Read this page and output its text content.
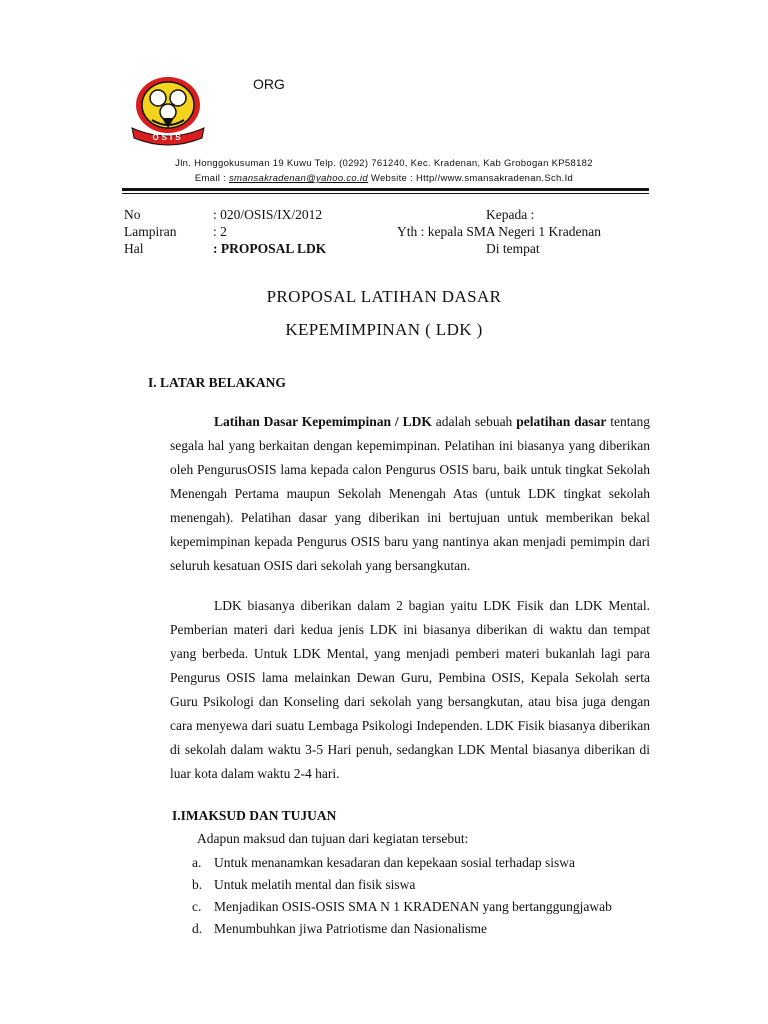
OSIS
ORG
Jln. Honggokusuman 19 Kuwu Telp. (0292) 761240, Kec. Kradenan, Kab Grobogan KP58182
Email : smansakradenan@yahoo.co.id Website : Http//www.smansakradenan.Sch.Id
No	: 020/OSIS/IX/2012	Kepada :
Lampiran	: 2	Yth : kepala SMA Negeri 1 Kradenan
Hal	: PROPOSAL LDK	Di tempat
PROPOSAL LATIHAN DASAR
KEPEMIMPINAN ( LDK )
I. LATAR BELAKANG
Latihan Dasar Kepemimpinan / LDK adalah sebuah pelatihan dasar tentang segala hal yang berkaitan dengan kepemimpinan. Pelatihan ini biasanya yang diberikan oleh PengurusOSIS lama kepada calon Pengurus OSIS baru, baik untuk tingkat Sekolah Menengah Pertama maupun Sekolah Menengah Atas (untuk LDK tingkat sekolah menengah). Pelatihan dasar yang diberikan ini bertujuan untuk memberikan bekal kepemimpinan kepada Pengurus OSIS baru yang nantinya akan menjadi pemimpin dari seluruh kesatuan OSIS dari sekolah yang bersangkutan.
LDK biasanya diberikan dalam 2 bagian yaitu LDK Fisik dan LDK Mental. Pemberian materi dari kedua jenis LDK ini biasanya diberikan di waktu dan tempat yang berbeda. Untuk LDK Mental, yang menjadi pemberi materi bukanlah lagi para Pengurus OSIS lama melainkan Dewan Guru, Pembina OSIS, Kepala Sekolah serta Guru Psikologi dan Konseling dari sekolah yang bersangkutan, atau bisa juga dengan cara menyewa dari suatu Lembaga Psikologi Independen. LDK Fisik biasanya diberikan di sekolah dalam waktu 3-5 Hari penuh, sedangkan LDK Mental biasanya diberikan di luar kota dalam waktu 2-4 hari.
I.IMAKSUD DAN TUJUAN
Adapun maksud dan tujuan dari kegiatan tersebut:
a. Untuk menanamkan kesadaran dan kepekaan sosial terhadap siswa
b. Untuk melatih mental dan fisik siswa
c. Menjadikan OSIS-OSIS SMA N 1 KRADENAN yang bertanggungjawab
d. Menumbuhkan jiwa Patriotisme dan Nasionalisme
